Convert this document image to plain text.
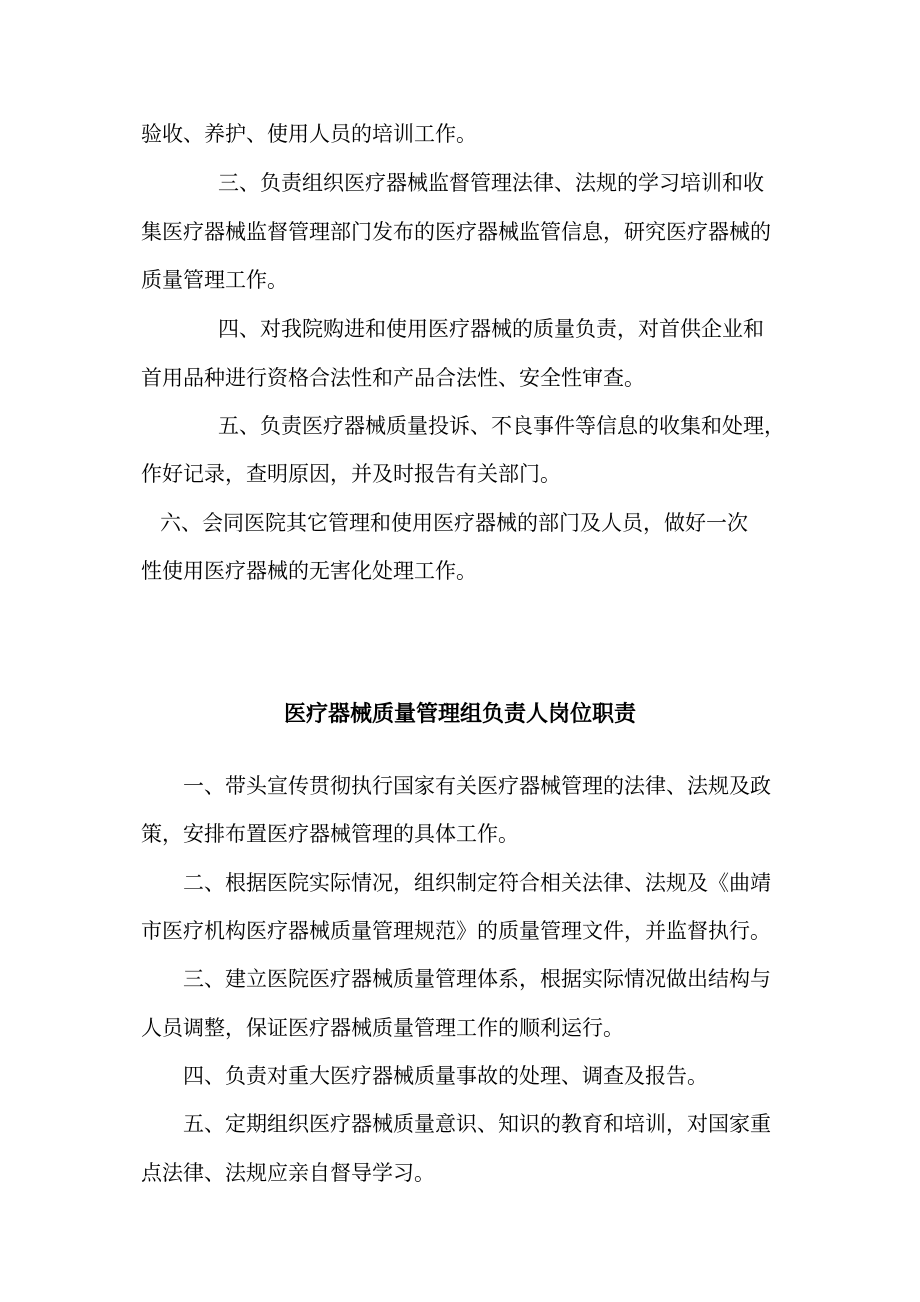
验收、养护、使用人员的培训工作。

三、负责组织医疗器械监督管理法律、法规的学习培训和收

集医疗器械监督管理部门发布的医疗器械监管信息，研究医疗器械的

质量管理工作。

四、对我院购进和使用医疗器械的质量负责，对首供企业和

首用品种进行资格合法性和产品合法性、安全性审查。

五、负责医疗器械质量投诉、不良事件等信息的收集和处理，

作好记录，查明原因，并及时报告有关部门。

六、会同医院其它管理和使用医疗器械的部门及人员，做好一次

性使用医疗器械的无害化处理工作。

医疗器械质量管理组负责人岗位职责

一、带头宣传贯彻执行国家有关医疗器械管理的法律、法规及政

策，安排布置医疗器械管理的具体工作。

二、根据医院实际情况，组织制定符合相关法律、法规及《曲靖

市医疗机构医疗器械质量管理规范》的质量管理文件，并监督执行。

三、建立医院医疗器械质量管理体系，根据实际情况做出结构与

人员调整，保证医疗器械质量管理工作的顺利运行。

四、负责对重大医疗器械质量事故的处理、调查及报告。

五、定期组织医疗器械质量意识、知识的教育和培训，对国家重

点法律、法规应亲自督导学习。
